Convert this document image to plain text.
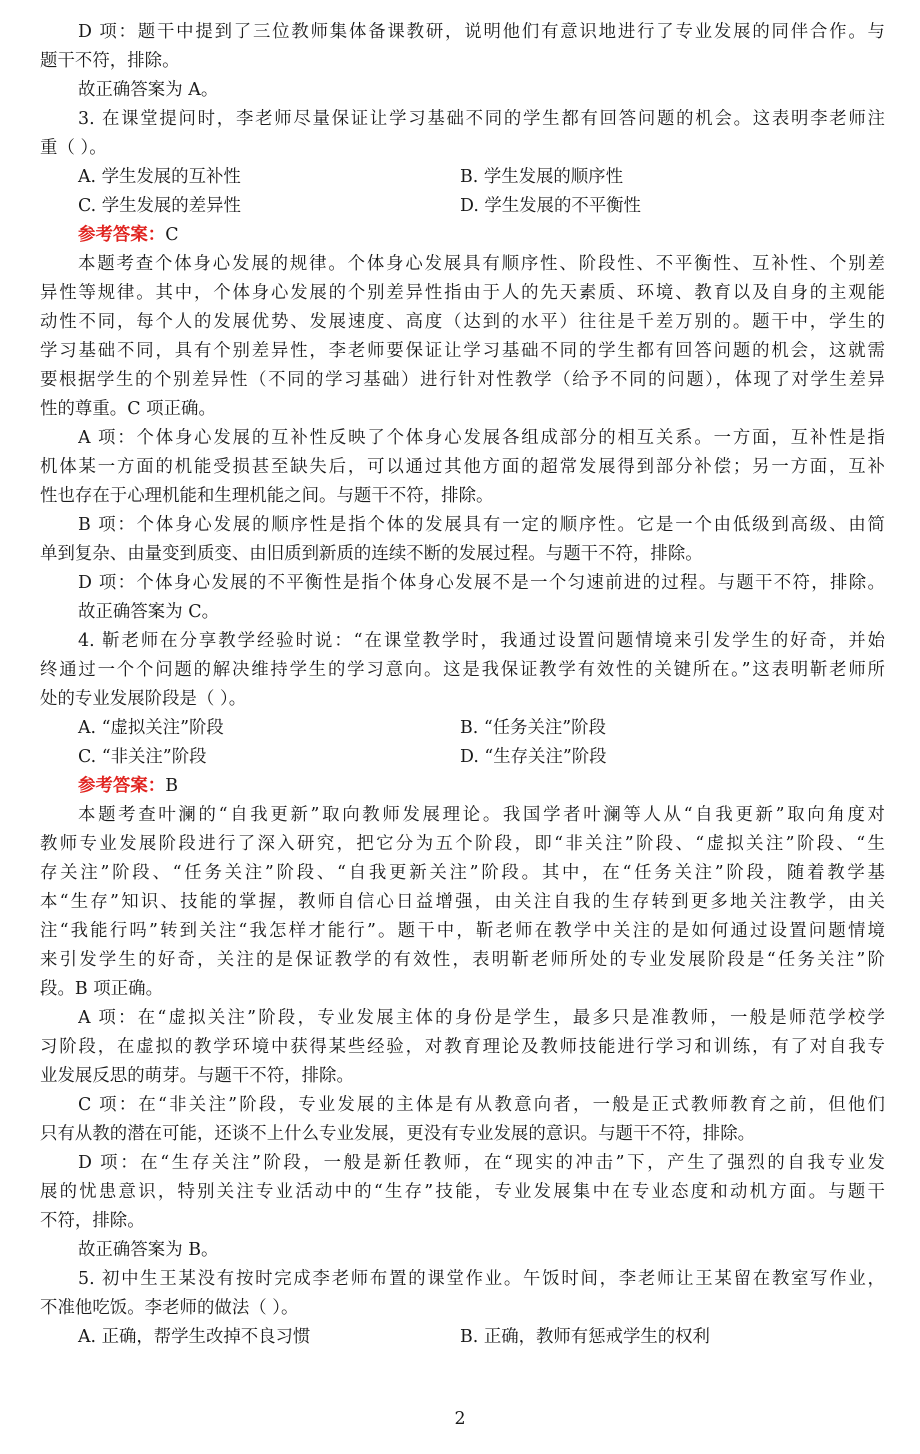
D 项：题干中提到了三位教师集体备课教研，说明他们有意识地进行了专业发展的同伴合作。与
题干不符，排除。
故正确答案为 A。
3. 在课堂提问时，李老师尽量保证让学习基础不同的学生都有回答问题的机会。这表明李老师注
重（ ）。
A. 学生发展的互补性	B. 学生发展的顺序性
C. 学生发展的差异性	D. 学生发展的不平衡性
参考答案：C
本题考查个体身心发展的规律。个体身心发展具有顺序性、阶段性、不平衡性、互补性、个别差
异性等规律。其中，个体身心发展的个别差异性指由于人的先天素质、环境、教育以及自身的主观能
动性不同，每个人的发展优势、发展速度、高度（达到的水平）往往是千差万别的。题干中，学生的
学习基础不同，具有个别差异性，李老师要保证让学习基础不同的学生都有回答问题的机会，这就需
要根据学生的个别差异性（不同的学习基础）进行针对性教学（给予不同的问题），体现了对学生差异
性的尊重。C 项正确。
A 项：个体身心发展的互补性反映了个体身心发展各组成部分的相互关系。一方面，互补性是指
机体某一方面的机能受损甚至缺失后，可以通过其他方面的超常发展得到部分补偿；另一方面，互补
性也存在于心理机能和生理机能之间。与题干不符，排除。
B 项：个体身心发展的顺序性是指个体的发展具有一定的顺序性。它是一个由低级到高级、由简
单到复杂、由量变到质变、由旧质到新质的连续不断的发展过程。与题干不符，排除。
D 项：个体身心发展的不平衡性是指个体身心发展不是一个匀速前进的过程。与题干不符，排除。
故正确答案为 C。
4. 靳老师在分享教学经验时说：“在课堂教学时，我通过设置问题情境来引发学生的好奇，并始
终通过一个个问题的解决维持学生的学习意向。这是我保证教学有效性的关键所在。”这表明靳老师所
处的专业发展阶段是（ ）。
A. “虚拟关注”阶段	B. “任务关注”阶段
C. “非关注”阶段	D. “生存关注”阶段
参考答案：B
本题考查叶澜的“自我更新”取向教师发展理论。我国学者叶澜等人从“自我更新”取向角度对
教师专业发展阶段进行了深入研究，把它分为五个阶段，即“非关注”阶段、“虚拟关注”阶段、“生
存关注”阶段、“任务关注”阶段、“自我更新关注”阶段。其中，在“任务关注”阶段，随着教学基
本“生存”知识、技能的掌握，教师自信心日益增强，由关注自我的生存转到更多地关注教学，由关
注“我能行吗”转到关注“我怎样才能行”。题干中，靳老师在教学中关注的是如何通过设置问题情境
来引发学生的好奇，关注的是保证教学的有效性，表明靳老师所处的专业发展阶段是“任务关注”阶
段。B 项正确。
A 项：在“虚拟关注”阶段，专业发展主体的身份是学生，最多只是准教师，一般是师范学校学
习阶段，在虚拟的教学环境中获得某些经验，对教育理论及教师技能进行学习和训练，有了对自我专
业发展反思的萌芽。与题干不符，排除。
C 项：在“非关注”阶段，专业发展的主体是有从教意向者，一般是正式教师教育之前，但他们
只有从教的潜在可能，还谈不上什么专业发展，更没有专业发展的意识。与题干不符，排除。
D 项：在“生存关注”阶段，一般是新任教师，在“现实的冲击”下，产生了强烈的自我专业发
展的忧患意识，特别关注专业活动中的“生存”技能，专业发展集中在专业态度和动机方面。与题干
不符，排除。
故正确答案为 B。
5. 初中生王某没有按时完成李老师布置的课堂作业。午饭时间，李老师让王某留在教室写作业，
不准他吃饭。李老师的做法（ ）。
A. 正确，帮学生改掉不良习惯	B. 正确，教师有惩戒学生的权利
2
